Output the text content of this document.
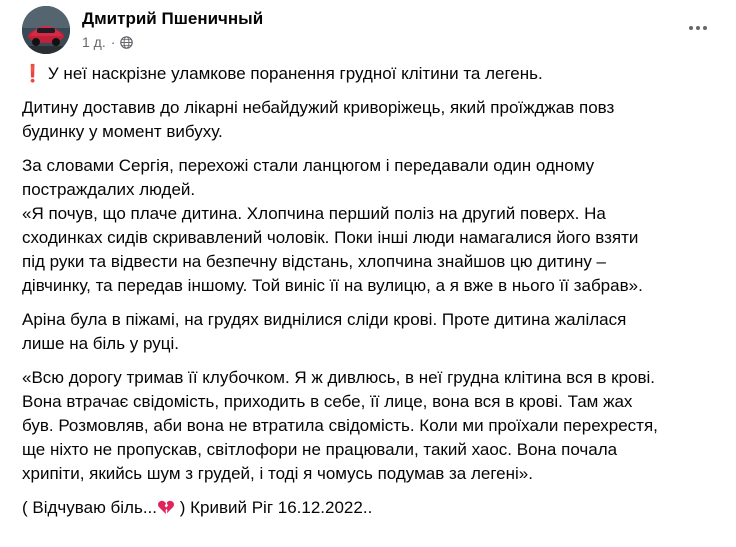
Дмитрий Пшеничный
1 д. ·

❗ У неї наскрізне уламкове поранення грудної клітини та легень.

Дитину доставив до лікарні небайдужий криворіжець, який проїжджав повз
будинку у момент вибуху.

За словами Сергія, перехожі стали ланцюгом і передавали один одному
постраждалих людей.
«Я почув, що плаче дитина. Хлопчина перший поліз на другий поверх. На
сходинках сидів скривавлений чоловік. Поки інші люди намагалися його взяти
під руки та відвести на безпечну відстань, хлопчина знайшов цю дитину –
дівчинку, та передав іншому. Той виніс її на вулицю, а я вже в нього її забрав».

Аріна була в піжамі, на грудях виднілися сліди крові. Проте дитина жалілася
лише на біль у руці.

«Всю дорогу тримав її клубочком. Я ж дивлюсь, в неї грудна клітина вся в крові.
Вона втрачає свідомість, приходить в себе, її лице, вона вся в крові. Там жах
був. Розмовляв, аби вона не втратила свідомість. Коли ми проїхали перехрестя,
ще ніхто не пропускав, світлофори не працювали, такий хаос. Вона почала
хрипіти, якийсь шум з грудей, і тоді я чомусь подумав за легені».

( Відчуваю біль... ) Кривий Ріг 16.12.2022..
